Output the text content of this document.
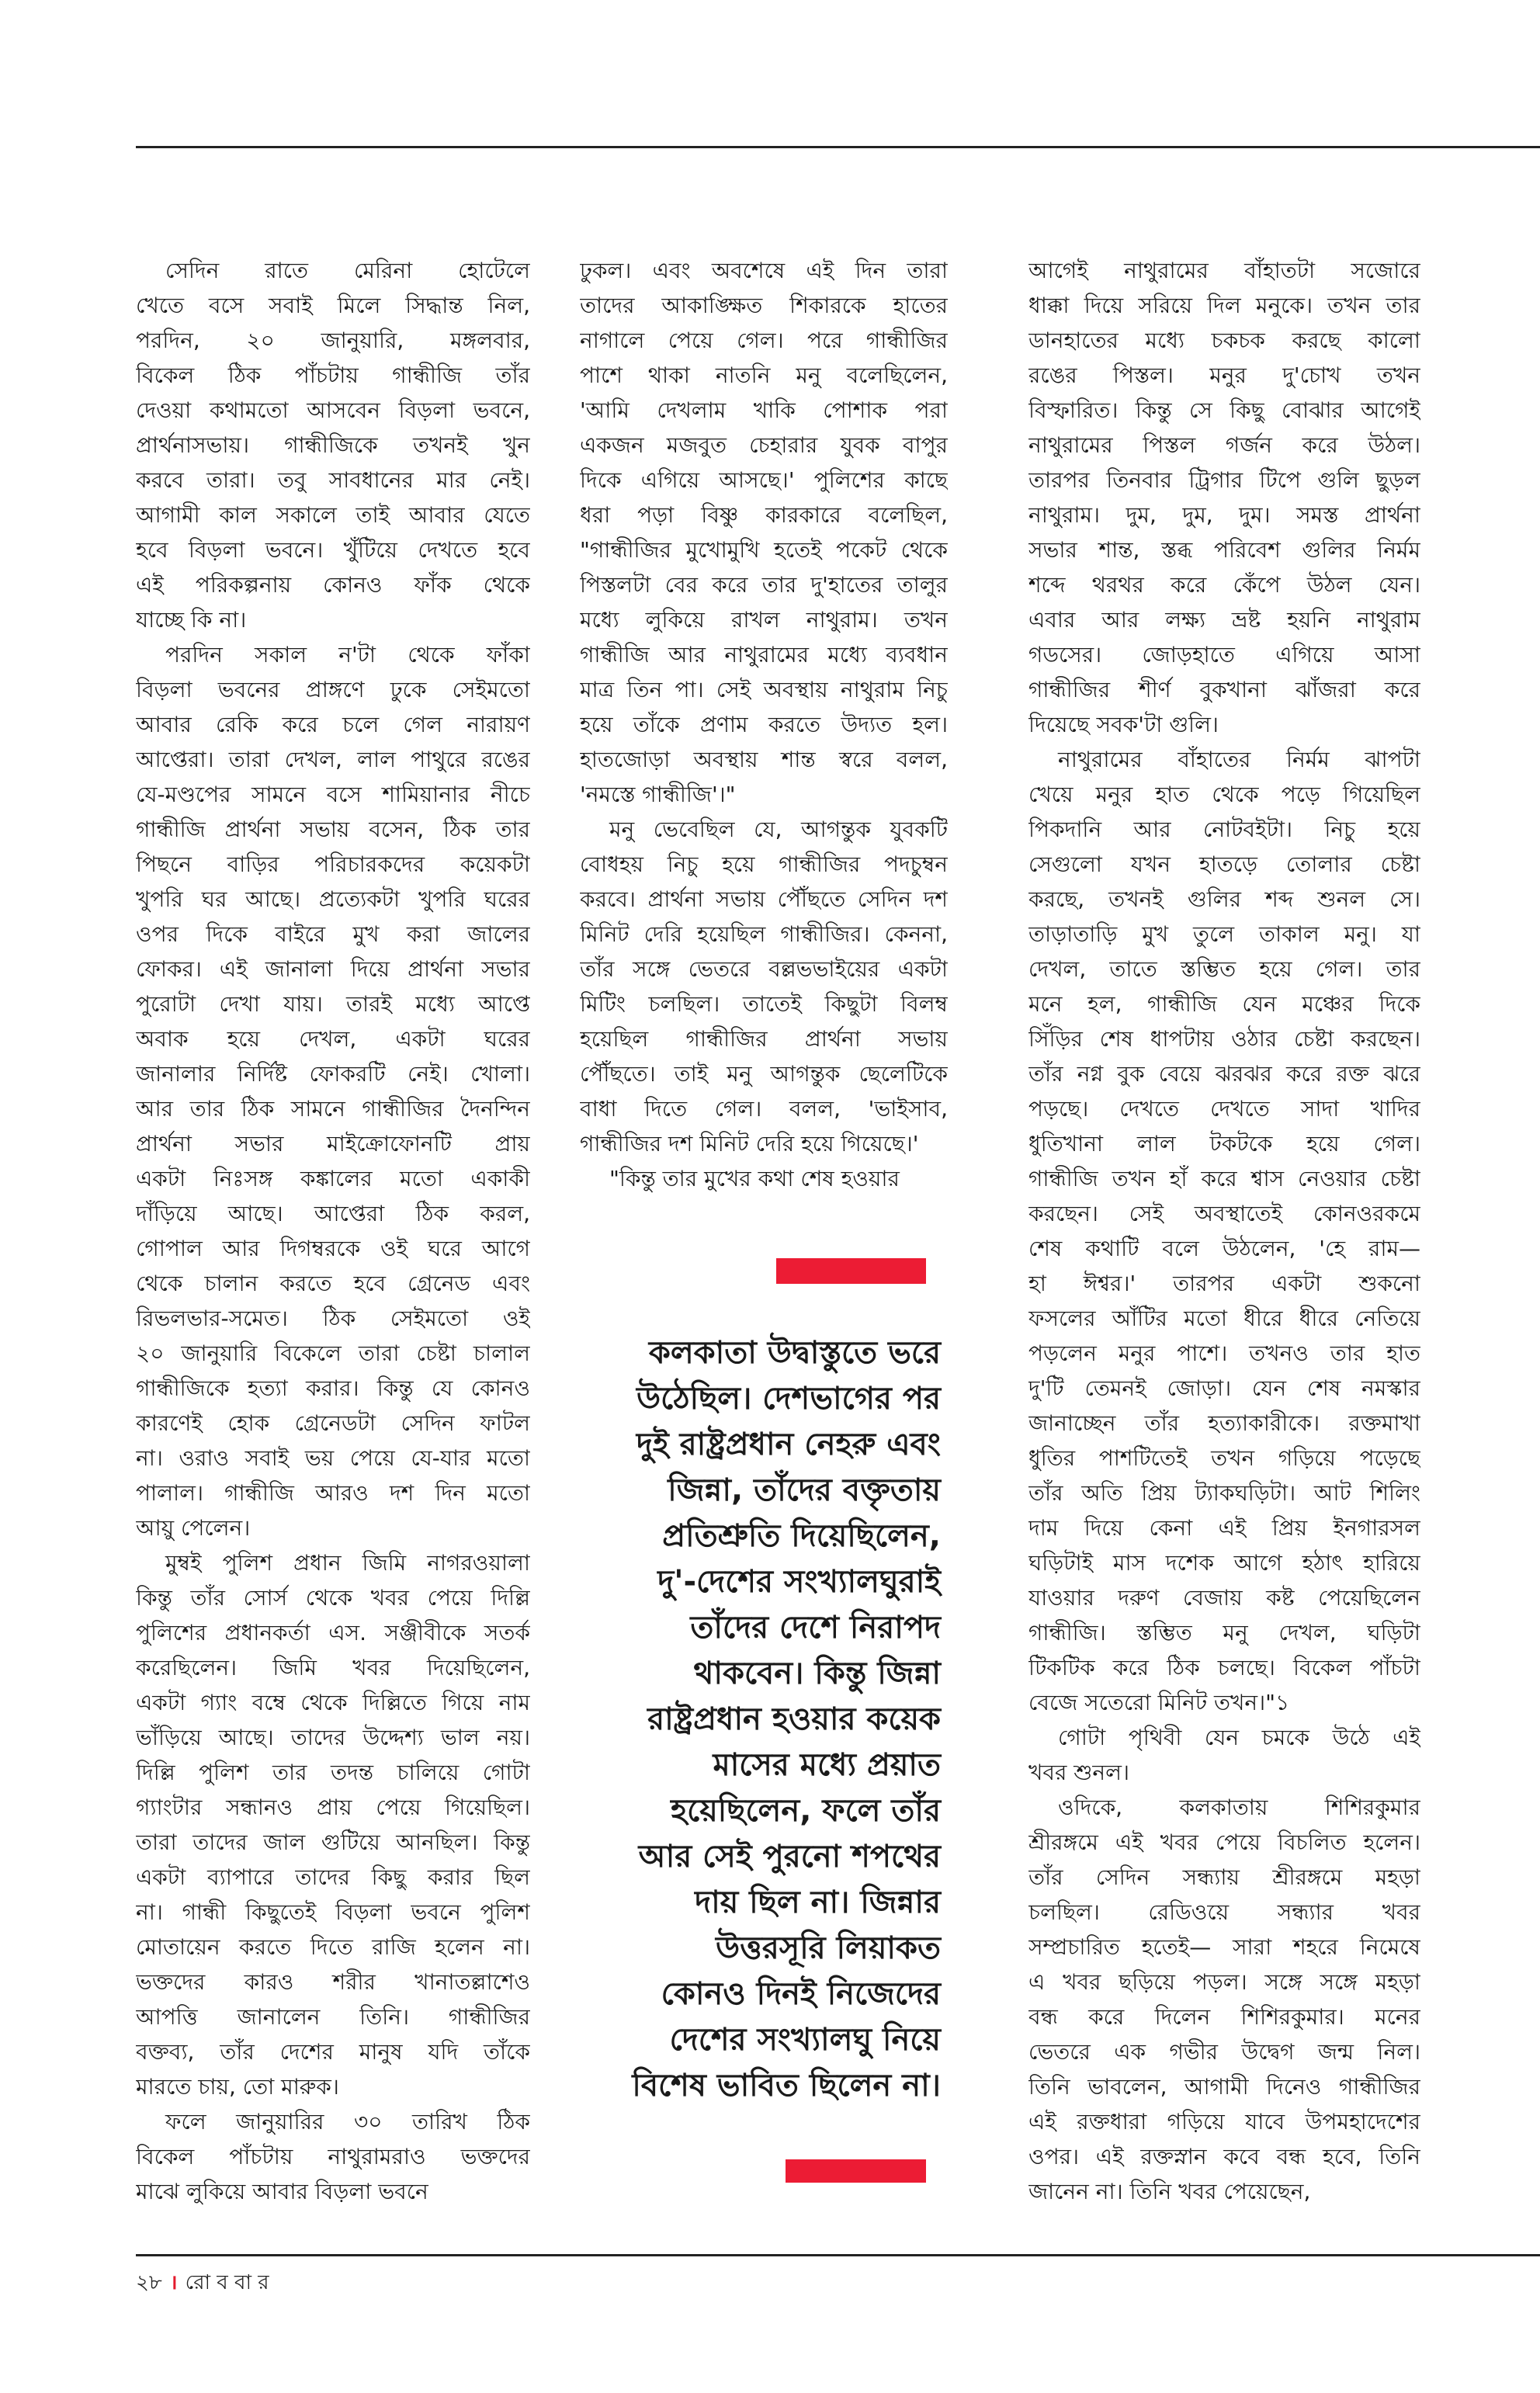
সেদিন রাতে মেরিনা হোটেলে
খেতে বসে সবাই মিলে সিদ্ধান্ত নিল,
পরদিন, ২০ জানুয়ারি, মঙ্গলবার,
বিকেল ঠিক পাঁচটায় গান্ধীজি তাঁর
দেওয়া কথামতো আসবেন বিড়লা ভবনে,
প্রার্থনাসভায়। গান্ধীজিকে তখনই খুন
করবে তারা। তবু সাবধানের মার নেই।
আগামী কাল সকালে তাই আবার যেতে
হবে বিড়লা ভবনে। খুঁটিয়ে দেখতে হবে
এই পরিকল্পনায় কোনও ফাঁক থেকে
যাচ্ছে কি না।
পরদিন সকাল ন'টা থেকে ফাঁকা
বিড়লা ভবনের প্রাঙ্গণে ঢুকে সেইমতো
আবার রেকি করে চলে গেল নারায়ণ
আপ্তেরা। তারা দেখল, লাল পাথুরে রঙের
যে-মণ্ডপের সামনে বসে শামিয়ানার নীচে
গান্ধীজি প্রার্থনা সভায় বসেন, ঠিক তার
পিছনে বাড়ির পরিচারকদের কয়েকটা
খুপরি ঘর আছে। প্রত্যেকটা খুপরি ঘরের
ওপর দিকে বাইরে মুখ করা জালের
ফোকর। এই জানালা দিয়ে প্রার্থনা সভার
পুরোটা দেখা যায়। তারই মধ্যে আপ্তে
অবাক হয়ে দেখল, একটা ঘরের
জানালার নির্দিষ্ট ফোকরটি নেই। খোলা।
আর তার ঠিক সামনে গান্ধীজির দৈনন্দিন
প্রার্থনা সভার মাইক্রোফোনটি প্রায়
একটা নিঃসঙ্গ কঙ্কালের মতো একাকী
দাঁড়িয়ে আছে। আপ্তেরা ঠিক করল,
গোপাল আর দিগম্বরকে ওই ঘরে আগে
থেকে চালান করতে হবে গ্রেনেড এবং
রিভলভার-সমেত। ঠিক সেইমতো ওই
২০ জানুয়ারি বিকেলে তারা চেষ্টা চালাল
গান্ধীজিকে হত্যা করার। কিন্তু যে কোনও
কারণেই হোক গ্রেনেডটা সেদিন ফাটল
না। ওরাও সবাই ভয় পেয়ে যে-যার মতো
পালাল। গান্ধীজি আরও দশ দিন মতো
আয়ু পেলেন।
মুম্বই পুলিশ প্রধান জিমি নাগরওয়ালা
কিন্তু তাঁর সোর্স থেকে খবর পেয়ে দিল্লি
পুলিশের প্রধানকর্তা এস. সঞ্জীবীকে সতর্ক
করেছিলেন। জিমি খবর দিয়েছিলেন,
একটা গ্যাং বম্বে থেকে দিল্লিতে গিয়ে নাম
ভাঁড়িয়ে আছে। তাদের উদ্দেশ্য ভাল নয়।
দিল্লি পুলিশ তার তদন্ত চালিয়ে গোটা
গ্যাংটার সন্ধানও প্রায় পেয়ে গিয়েছিল।
তারা তাদের জাল গুটিয়ে আনছিল। কিন্তু
একটা ব্যাপারে তাদের কিছু করার ছিল
না। গান্ধী কিছুতেই বিড়লা ভবনে পুলিশ
মোতায়েন করতে দিতে রাজি হলেন না।
ভক্তদের কারও শরীর খানাতল্লাশেও
আপত্তি জানালেন তিনি। গান্ধীজির
বক্তব্য, তাঁর দেশের মানুষ যদি তাঁকে
মারতে চায়, তো মারুক।
ফলে জানুয়ারির ৩০ তারিখ ঠিক
বিকেল পাঁচটায় নাথুরামরাও ভক্তদের
মাঝে লুকিয়ে আবার বিড়লা ভবনে
ঢুকল। এবং অবশেষে এই দিন তারা
তাদের আকাঙ্ক্ষিত শিকারকে হাতের
নাগালে পেয়ে গেল। পরে গান্ধীজির
পাশে থাকা নাতনি মনু বলেছিলেন,
'আমি দেখলাম খাকি পোশাক পরা
একজন মজবুত চেহারার যুবক বাপুর
দিকে এগিয়ে আসছে।' পুলিশের কাছে
ধরা পড়া বিষ্ণু কারকারে বলেছিল,
"গান্ধীজির মুখোমুখি হতেই পকেট থেকে
পিস্তলটা বের করে তার দু'হাতের তালুর
মধ্যে লুকিয়ে রাখল নাথুরাম। তখন
গান্ধীজি আর নাথুরামের মধ্যে ব্যবধান
মাত্র তিন পা। সেই অবস্থায় নাথুরাম নিচু
হয়ে তাঁকে প্রণাম করতে উদ্যত হল।
হাতজোড়া অবস্থায় শান্ত স্বরে বলল,
'নমস্তে গান্ধীজি'।"
মনু ভেবেছিল যে, আগন্তুক যুবকটি
বোধহয় নিচু হয়ে গান্ধীজির পদচুম্বন
করবে। প্রার্থনা সভায় পৌঁছতে সেদিন দশ
মিনিট দেরি হয়েছিল গান্ধীজির। কেননা,
তাঁর সঙ্গে ভেতরে বল্লভভাইয়ের একটা
মিটিং চলছিল। তাতেই কিছুটা বিলম্ব
হয়েছিল গান্ধীজির প্রার্থনা সভায়
পৌঁছতে। তাই মনু আগন্তুক ছেলেটিকে
বাধা দিতে গেল। বলল, 'ভাইসাব,
গান্ধীজির দশ মিনিট দেরি হয়ে গিয়েছে।'
"কিন্তু তার মুখের কথা শেষ হওয়ার
আগেই নাথুরামের বাঁহাতটা সজোরে
ধাক্কা দিয়ে সরিয়ে দিল মনুকে। তখন তার
ডানহাতের মধ্যে চকচক করছে কালো
রঙের পিস্তল। মনুর দু'চোখ তখন
বিস্ফারিত। কিন্তু সে কিছু বোঝার আগেই
নাথুরামের পিস্তল গর্জন করে উঠল।
তারপর তিনবার ট্রিগার টিপে গুলি ছুড়ল
নাথুরাম। দুম, দুম, দুম। সমস্ত প্রার্থনা
সভার শান্ত, স্তব্ধ পরিবেশ গুলির নির্মম
শব্দে থরথর করে কেঁপে উঠল যেন।
এবার আর লক্ষ্য ভ্রষ্ট হয়নি নাথুরাম
গডসের। জোড়হাতে এগিয়ে আসা
গান্ধীজির শীর্ণ বুকখানা ঝাঁজরা করে
দিয়েছে সবক'টা গুলি।
নাথুরামের বাঁহাতের নির্মম ঝাপটা
খেয়ে মনুর হাত থেকে পড়ে গিয়েছিল
পিকদানি আর নোটবইটা। নিচু হয়ে
সেগুলো যখন হাতড়ে তোলার চেষ্টা
করছে, তখনই গুলির শব্দ শুনল সে।
তাড়াতাড়ি মুখ তুলে তাকাল মনু। যা
দেখল, তাতে স্তম্ভিত হয়ে গেল। তার
মনে হল, গান্ধীজি যেন মঞ্চের দিকে
সিঁড়ির শেষ ধাপটায় ওঠার চেষ্টা করছেন।
তাঁর নগ্ন বুক বেয়ে ঝরঝর করে রক্ত ঝরে
পড়ছে। দেখতে দেখতে সাদা খাদির
ধুতিখানা লাল টকটকে হয়ে গেল।
গান্ধীজি তখন হাঁ করে শ্বাস নেওয়ার চেষ্টা
করছেন। সেই অবস্থাতেই কোনওরকমে
শেষ কথাটি বলে উঠলেন, 'হে রাম—
হা ঈশ্বর।' তারপর একটা শুকনো
ফসলের আঁটির মতো ধীরে ধীরে নেতিয়ে
পড়লেন মনুর পাশে। তখনও তার হাত
দু'টি তেমনই জোড়া। যেন শেষ নমস্কার
জানাচ্ছেন তাঁর হত্যাকারীকে। রক্তমাখা
ধুতির পাশটিতেই তখন গড়িয়ে পড়েছে
তাঁর অতি প্রিয় ট্যাকঘড়িটা। আট শিলিং
দাম দিয়ে কেনা এই প্রিয় ইনগারসল
ঘড়িটাই মাস দশেক আগে হঠাৎ হারিয়ে
যাওয়ার দরুণ বেজায় কষ্ট পেয়েছিলেন
গান্ধীজি। স্তম্ভিত মনু দেখল, ঘড়িটা
টিকটিক করে ঠিক চলছে। বিকেল পাঁচটা
বেজে সতেরো মিনিট তখন।"১
গোটা পৃথিবী যেন চমকে উঠে এই
খবর শুনল।
ওদিকে, কলকাতায় শিশিরকুমার
শ্রীরঙ্গমে এই খবর পেয়ে বিচলিত হলেন।
তাঁর সেদিন সন্ধ্যায় শ্রীরঙ্গমে মহড়া
চলছিল। রেডিওয়ে সন্ধ্যার খবর
সম্প্রচারিত হতেই— সারা শহরে নিমেষে
এ খবর ছড়িয়ে পড়ল। সঙ্গে সঙ্গে মহড়া
বন্ধ করে দিলেন শিশিরকুমার। মনের
ভেতরে এক গভীর উদ্বেগ জন্ম নিল।
তিনি ভাবলেন, আগামী দিনেও গান্ধীজির
এই রক্তধারা গড়িয়ে যাবে উপমহাদেশের
ওপর। এই রক্তস্নান কবে বন্ধ হবে, তিনি
জানেন না। তিনি খবর পেয়েছেন,
কলকাতা উদ্বাস্তুতে ভরে
উঠেছিল। দেশভাগের পর
দুই রাষ্ট্রপ্রধান নেহরু এবং
জিন্না, তাঁদের বক্তৃতায়
প্রতিশ্রুতি দিয়েছিলেন,
দু'-দেশের সংখ্যালঘুরাই
তাঁদের দেশে নিরাপদ
থাকবেন। কিন্তু জিন্না
রাষ্ট্রপ্রধান হওয়ার কয়েক
মাসের মধ্যে প্রয়াত
হয়েছিলেন, ফলে তাঁর
আর সেই পুরনো শপথের
দায় ছিল না। জিন্নার
উত্তরসূরি লিয়াকত
কোনও দিনই নিজেদের
দেশের সংখ্যালঘু নিয়ে
বিশেষ ভাবিত ছিলেন না।
২৮ । রো ব বা র
